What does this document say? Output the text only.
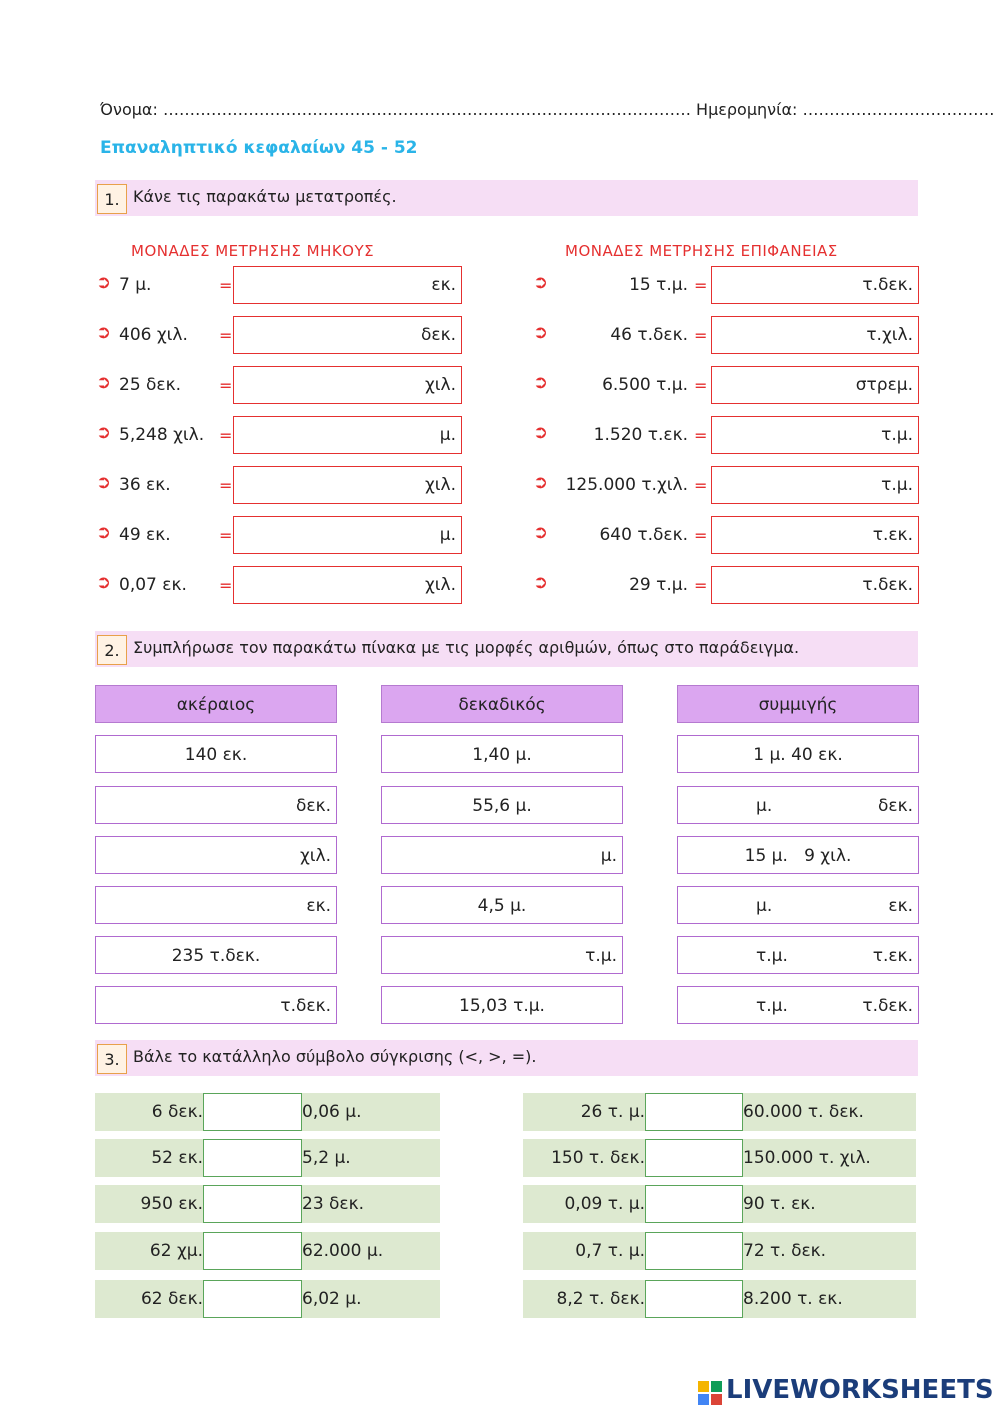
Όνομα: ……………………………………………………………………………………… Ημερομηνία: ………………………………
Επαναληπτικό κεφαλαίων 45 - 52
1. Κάνε τις παρακάτω μετατροπές.
ΜΟΝΑΔΕΣ ΜΕΤΡΗΣΗΣ ΜΗΚΟΥΣ	ΜΟΝΑΔΕΣ ΜΕΤΡΗΣΗΣ ΕΠΙΦΑΝΕΙΑΣ
➲ 7 μ.	=	εκ.	➲	15 τ.μ. =	τ.δεκ.
➲ 406 χιλ. =	δεκ.	➲	46 τ.δεκ. =	τ.χιλ.
➲ 25 δεκ. =	χιλ.	➲	6.500 τ.μ. =	στρεμ.
➲ 5,248 χιλ. =	μ.	➲	1.520 τ.εκ. =	τ.μ.
➲ 36 εκ.	=	χιλ.	➲ 125.000 τ.χιλ. =	τ.μ.
➲ 49 εκ.	=	μ.	➲	640 τ.δεκ. =	τ.εκ.
➲ 0,07 εκ. =	χιλ.	➲	29 τ.μ. =	τ.δεκ.
2. Συμπλήρωσε τον παρακάτω πίνακα με τις μορφές αριθμών, όπως στο παράδειγμα.
ακέραιος	δεκαδικός	συμμιγής
140 εκ.	1,40 μ.	1 μ. 40 εκ.
δεκ.	55,6 μ.	μ.	δεκ.
χιλ.	μ.	15 μ.   9 χιλ.
εκ.	4,5 μ.	μ.	εκ.
235 τ.δεκ.	τ.μ.	τ.μ.	τ.εκ.
τ.δεκ.	15,03 τ.μ.	τ.μ.	τ.δεκ.
3. Βάλε το κατάλληλο σύμβολο σύγκρισης (<, >, =).
6 δεκ.	0,06 μ.	26 τ. μ.	60.000 τ. δεκ.
52 εκ.	5,2 μ.	150 τ. δεκ.	150.000 τ. χιλ.
950 εκ.	23 δεκ.	0,09 τ. μ.	90 τ. εκ.
62 χμ.	62.000 μ.	0,7 τ. μ.	72 τ. δεκ.
62 δεκ.	6,02 μ.	8,2 τ. δεκ.	8.200 τ. εκ.
LIVEWORKSHEETS
